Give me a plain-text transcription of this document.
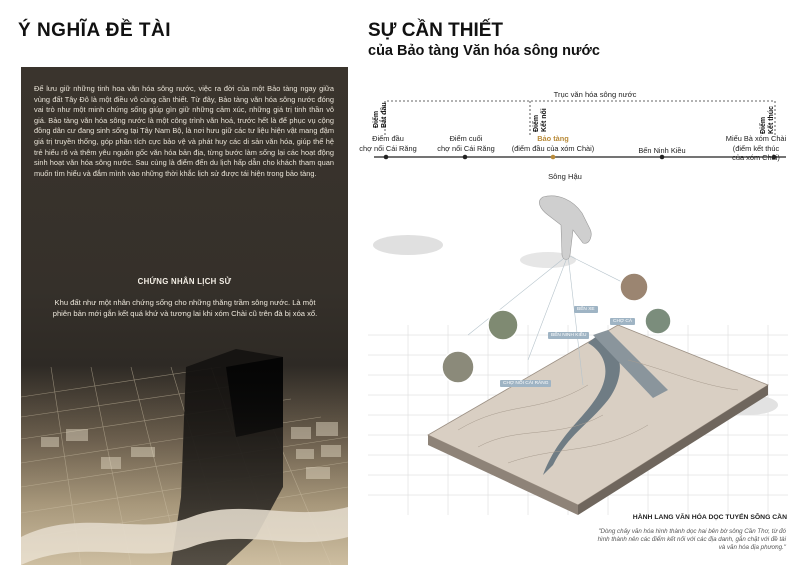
Ý NGHĨA ĐỀ TÀI
Để lưu giữ những tinh hoa văn hóa sông nước, việc ra đời của một Bảo tàng ngay giữa vùng đất Tây Đô là một điều vô cùng cần thiết. Từ đây, Bảo tàng văn hóa sông nước đóng vai trò như một minh chứng sống giúp gìn giữ những cảm xúc, những giá trị tinh thần vô giá. Bảo tàng văn hóa sông nước là một công trình văn hoá, trước hết là để phục vụ cộng đồng dân cư đang sinh sống tại Tây Nam Bộ, là nơi hưu giữ các tư liệu hiện vật mang đậm giá trị truyền thống, góp phần tích cực bảo vệ và phát huy các di sản văn hóa, giúp thế hệ trẻ hiểu rõ và thêm yêu nguồn gốc văn hóa bản địa, từng bước làm sống lại các hoạt động sinh hoạt văn hóa sông nước. Sau cùng là điểm đến du lịch hấp dẫn cho khách tham quan muốn tìm hiểu và đắm mình vào những thời khắc lịch sử được tái hiện trong bảo tàng.
CHỨNG NHÂN LỊCH SỬ
Khu đất như một nhân chứng sống cho những thăng trầm sông nước. Là một phiên bản mới gắn kết quá khứ và tương lai khi xóm Chài cũ trên đà bị xóa xổ.
SỰ CẦN THIẾT
của Bảo tàng Văn hóa sông nước
Trục văn hóa sông nước
Điểm Bắt đầu	Điểm Kết nối	Điểm Kết thúc
Điểm đầu
chợ nổi Cái Răng
Điểm cuối
chợ nổi Cái Răng
Bảo tàng
(điểm đầu của xóm Chài)	Bến Ninh Kiều
Miếu Bà xóm Chài
(điểm kết thúc
của xóm Chài)
Sông Hậu
BẾN XE
CHỢ CÁ
BẾN NINH KIỀU
CHỢ NỔI CÁI RĂNG
HÀNH LANG VĂN HÓA DỌC TUYẾN SÔNG CẦN
"Dòng chảy văn hóa hình thành dọc hai bên bờ sông Cần Thơ, từ đó hình thành nên các điểm kết nối với các địa danh, gắn chặt với đề tài và văn hóa địa phương."
